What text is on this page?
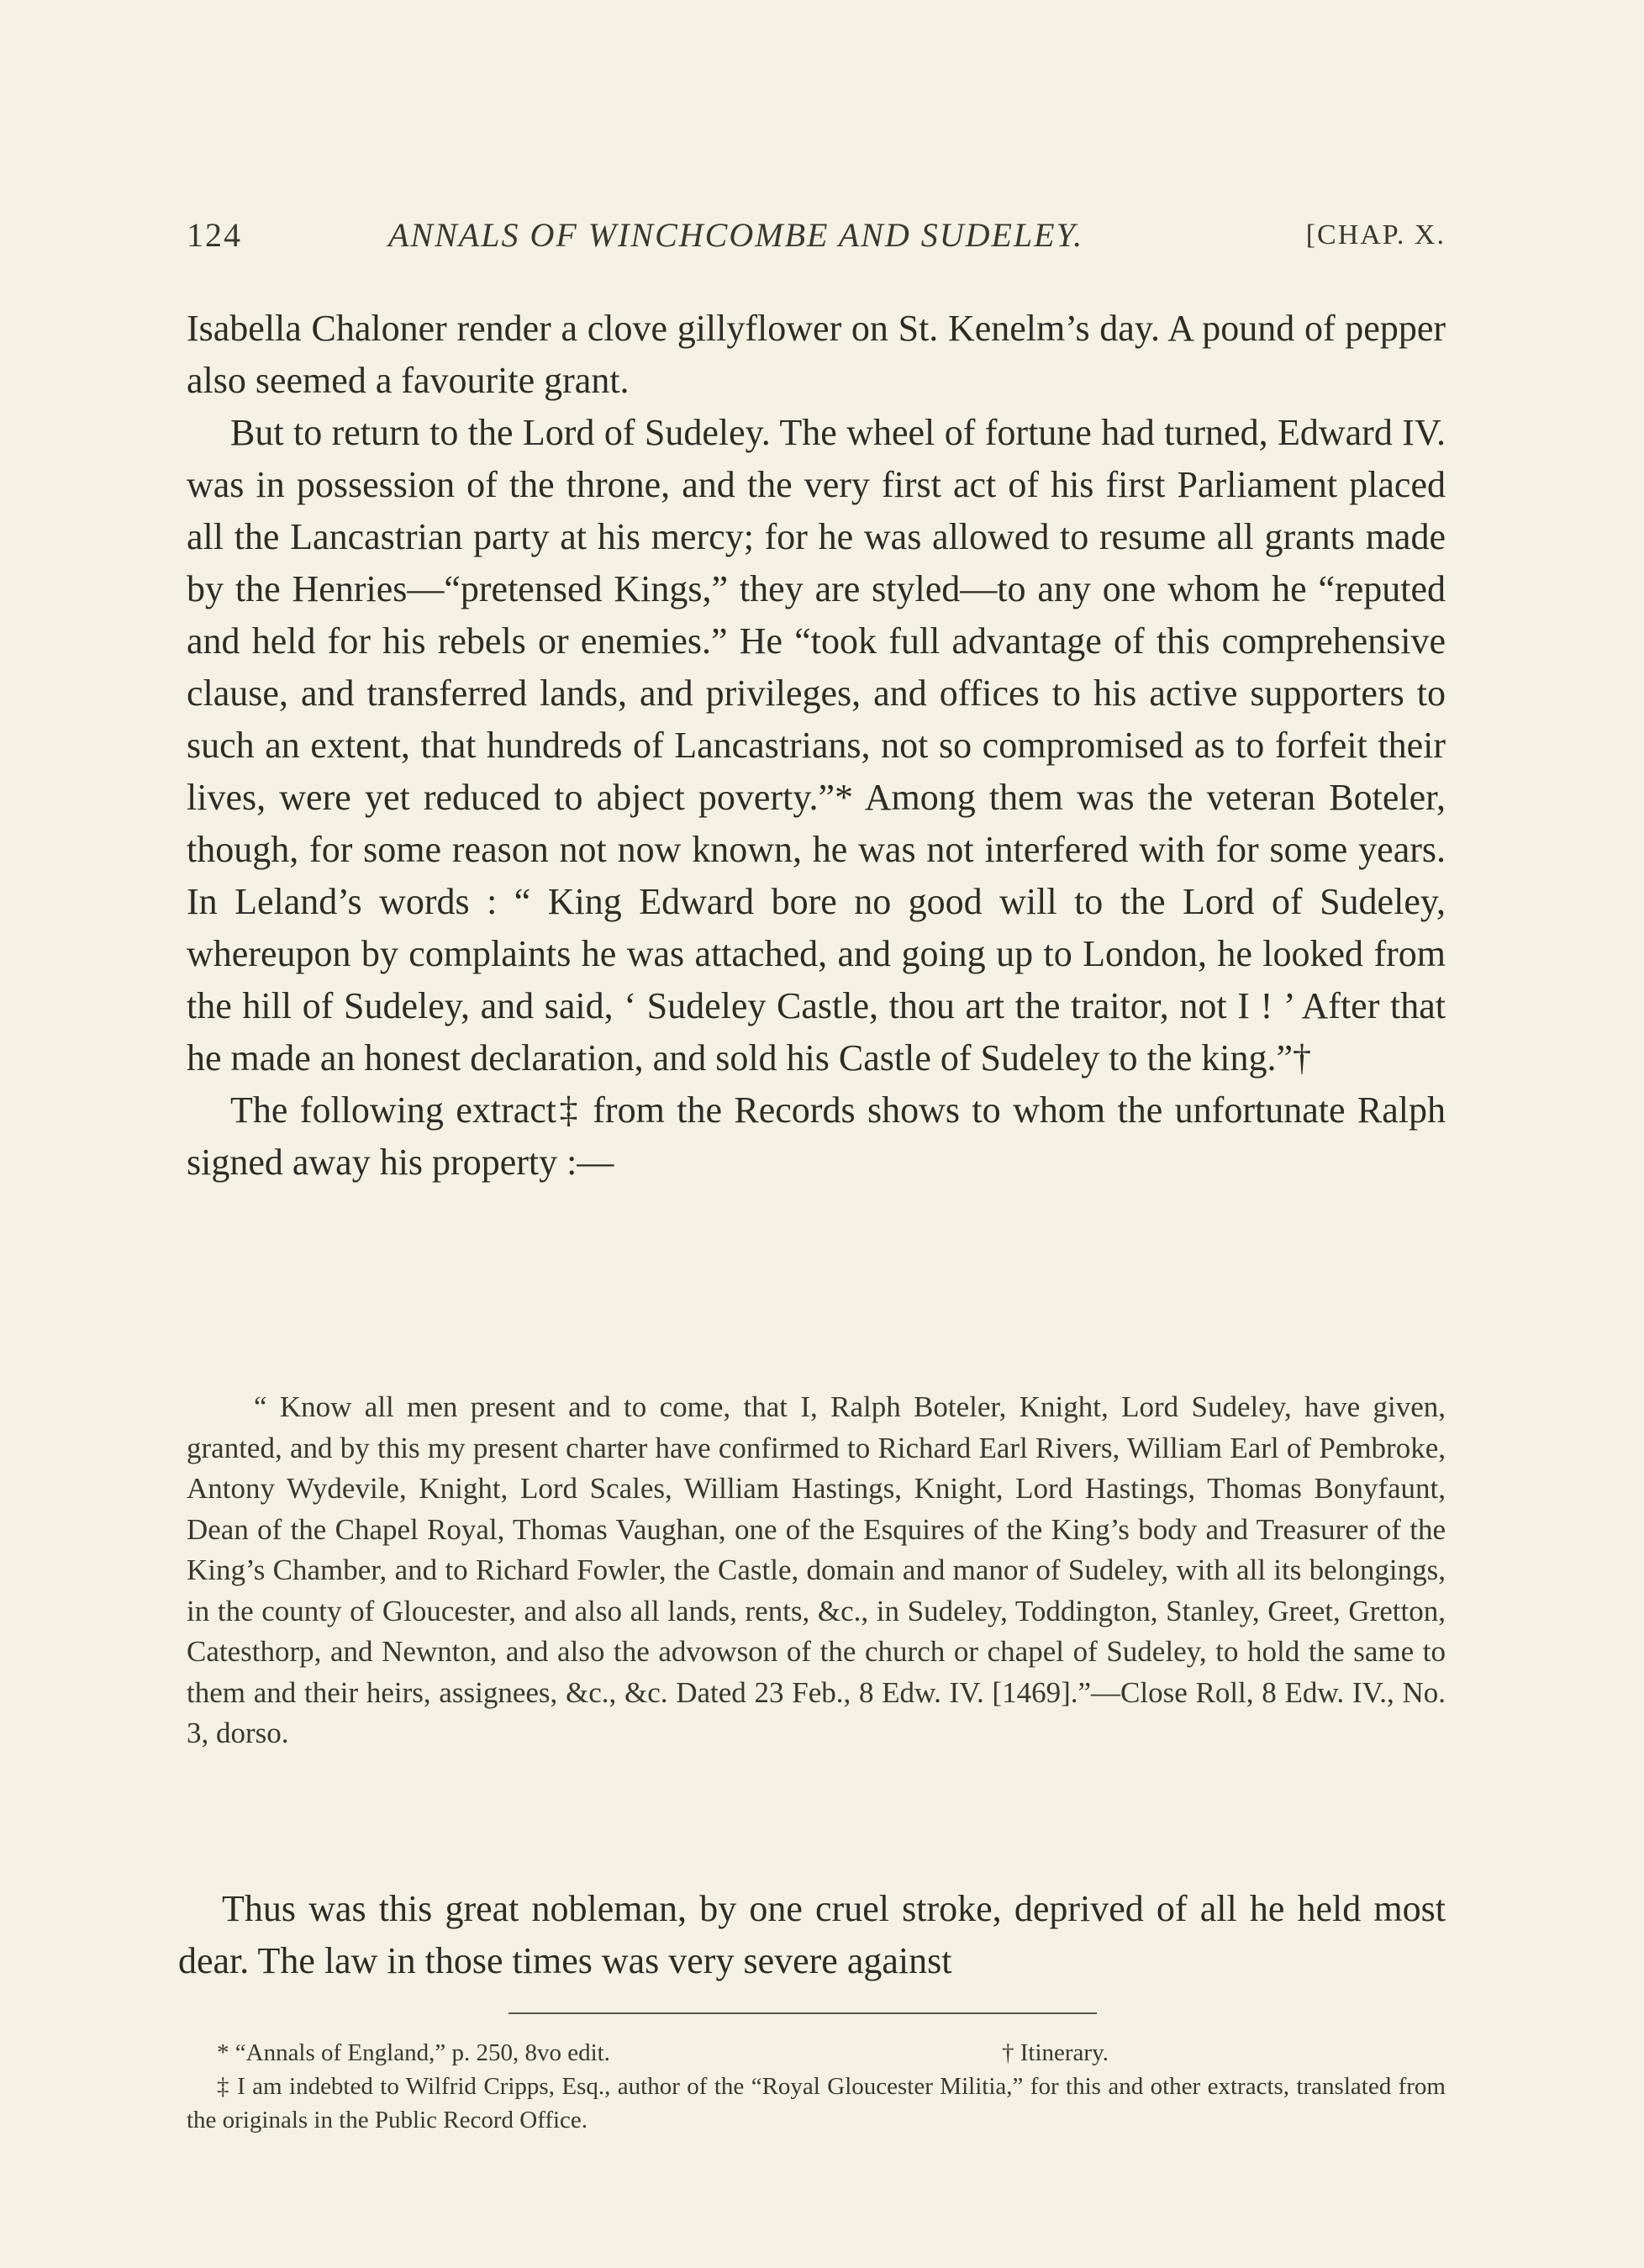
124	ANNALS OF WINCHCOMBE AND SUDELEY.	[CHAP. X.

Isabella Chaloner render a clove gillyflower on St. Kenelm’s day. A pound of pepper also seemed a favourite grant.

But to return to the Lord of Sudeley. The wheel of fortune had turned, Edward IV. was in possession of the throne, and the very first act of his first Parliament placed all the Lancastrian party at his mercy; for he was allowed to resume all grants made by the Henries—“pretensed Kings,” they are styled—to any one whom he “reputed and held for his rebels or enemies.” He “took full advantage of this comprehensive clause, and transferred lands, and privileges, and offices to his active supporters to such an extent, that hundreds of Lancastrians, not so compromised as to forfeit their lives, were yet reduced to abject poverty.”* Among them was the veteran Boteler, though, for some reason not now known, he was not interfered with for some years. In Leland’s words : “ King Edward bore no good will to the Lord of Sudeley, whereupon by complaints he was attached, and going up to London, he looked from the hill of Sudeley, and said, ‘ Sudeley Castle, thou art the traitor, not I ! ’ After that he made an honest declaration, and sold his Castle of Sudeley to the king.”†

The following extract‡ from the Records shows to whom the unfortunate Ralph signed away his property :—

“ Know all men present and to come, that I, Ralph Boteler, Knight, Lord Sudeley, have given, granted, and by this my present charter have confirmed to Richard Earl Rivers, William Earl of Pembroke, Antony Wydevile, Knight, Lord Scales, William Hastings, Knight, Lord Hastings, Thomas Bonyfaunt, Dean of the Chapel Royal, Thomas Vaughan, one of the Esquires of the King’s body and Treasurer of the King’s Chamber, and to Richard Fowler, the Castle, domain and manor of Sudeley, with all its belongings, in the county of Gloucester, and also all lands, rents, &c., in Sudeley, Toddington, Stanley, Greet, Gretton, Catesthorp, and Newnton, and also the advowson of the church or chapel of Sudeley, to hold the same to them and their heirs, assignees, &c., &c. Dated 23 Feb., 8 Edw. IV. [1469].”—Close Roll, 8 Edw. IV., No. 3, dorso.

Thus was this great nobleman, by one cruel stroke, deprived of all he held most dear. The law in those times was very severe against

* “Annals of England,” p. 250, 8vo edit.	† Itinerary.

‡ I am indebted to Wilfrid Cripps, Esq., author of the “Royal Gloucester Militia,” for this and other extracts, translated from the originals in the Public Record Office.
